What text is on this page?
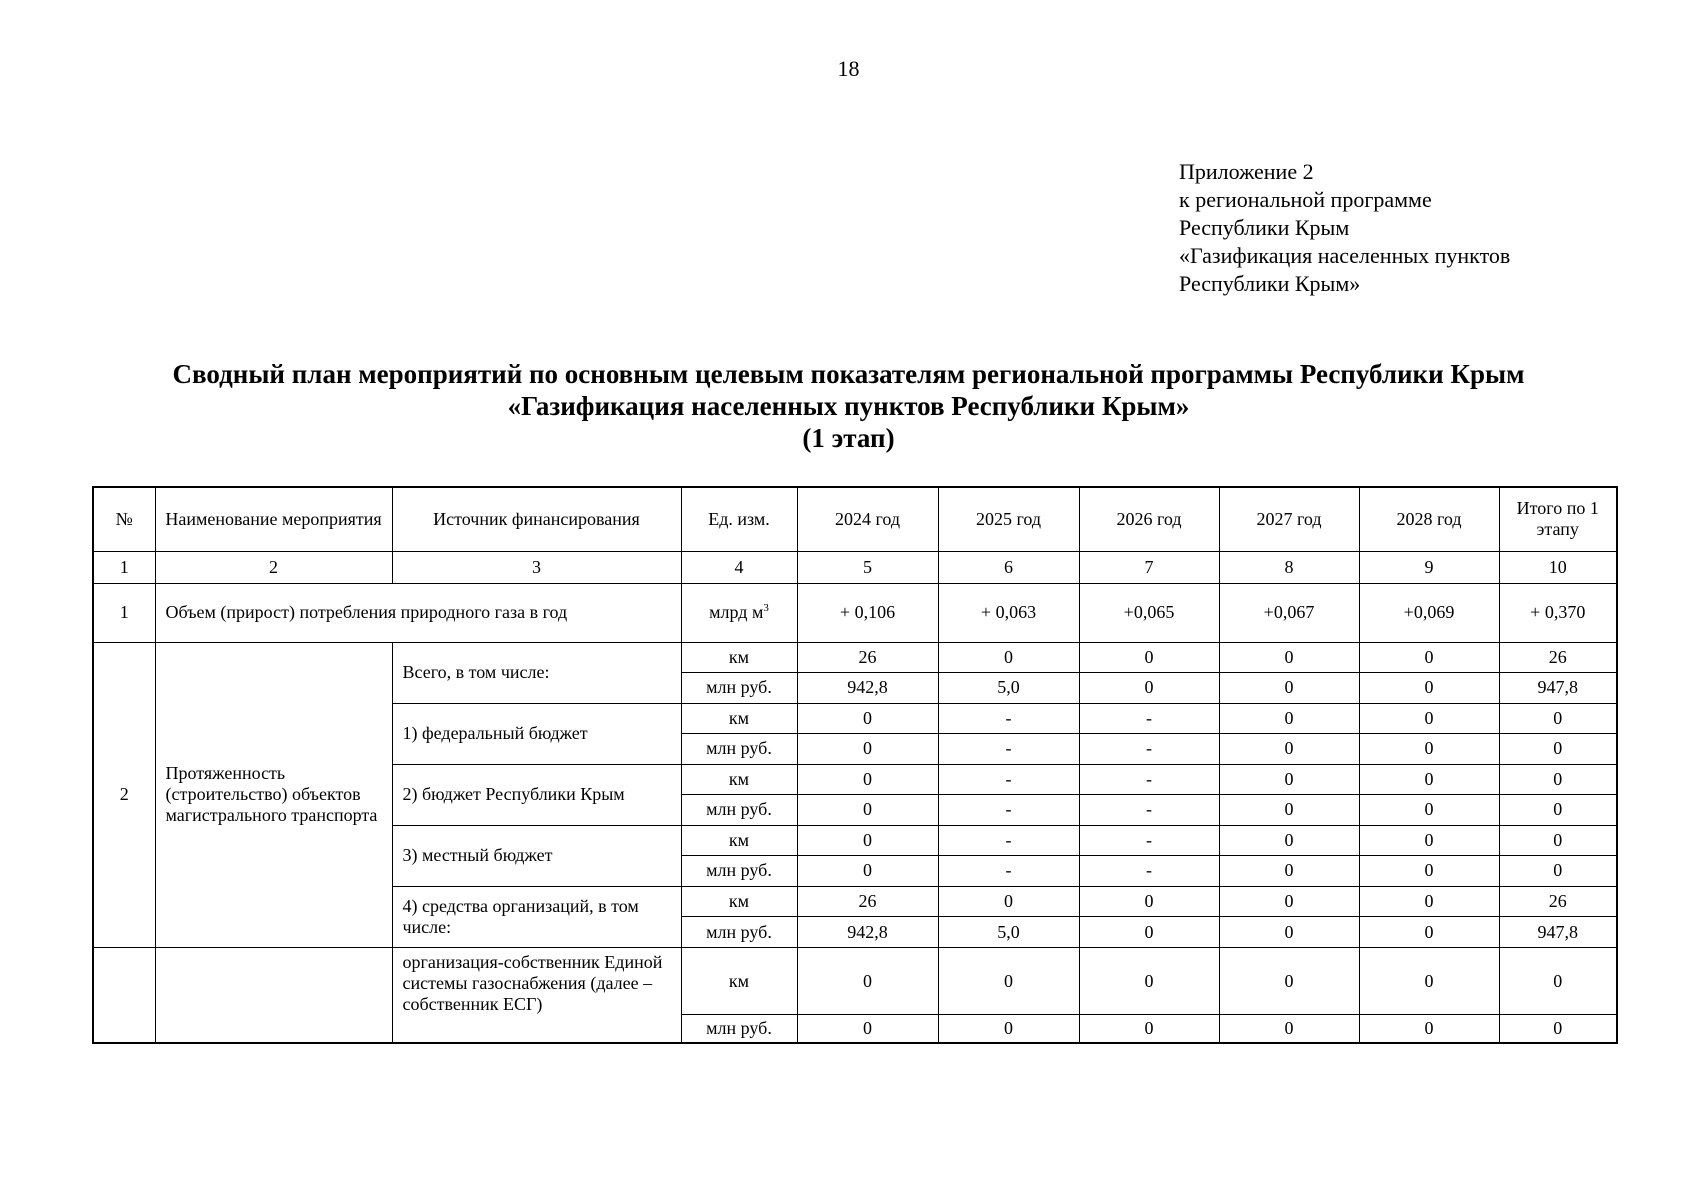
18
Приложение 2
к региональной программе
Республики Крым
«Газификация населенных пунктов
Республики Крым»
Сводный план мероприятий по основным целевым показателям региональной программы Республики Крым
«Газификация населенных пунктов Республики Крым»
(1 этап)
№	Наименование мероприятия	Источник финансирования	Ед. изм.	2024 год	2025 год	2026 год	2027 год	2028 год	Итого по 1 этапу
1	2	3	4	5	6	7	8	9	10
1	Объем (прирост) потребления природного газа в год		млрд $м^3$	+ 0,106	+ 0,063	+0,065	+0,067	+0,069	+ 0,370
2	Протяженность (строительство) объектов магистрального транспорта	Всего, в том числе:	км	26	0	0	0	0	26
			млн руб.	942,8	5,0	0	0	0	947,8
		1) федеральный бюджет	км	0	-	-	0	0	0
			млн руб.	0	-	-	0	0	0
		2) бюджет Республики Крым	км	0	-	-	0	0	0
			млн руб.	0	-	-	0	0	0
		3) местный бюджет	км	0	-	-	0	0	0
			млн руб.	0	-	-	0	0	0
		4) средства организаций, в том числе:	км	26	0	0	0	0	26
			млн руб.	942,8	5,0	0	0	0	947,8
		организация-собственник Единой системы газоснабжения (далее – собственник ЕСГ)	км	0	0	0	0	0	0
			млн руб.	0	0	0	0	0	0
